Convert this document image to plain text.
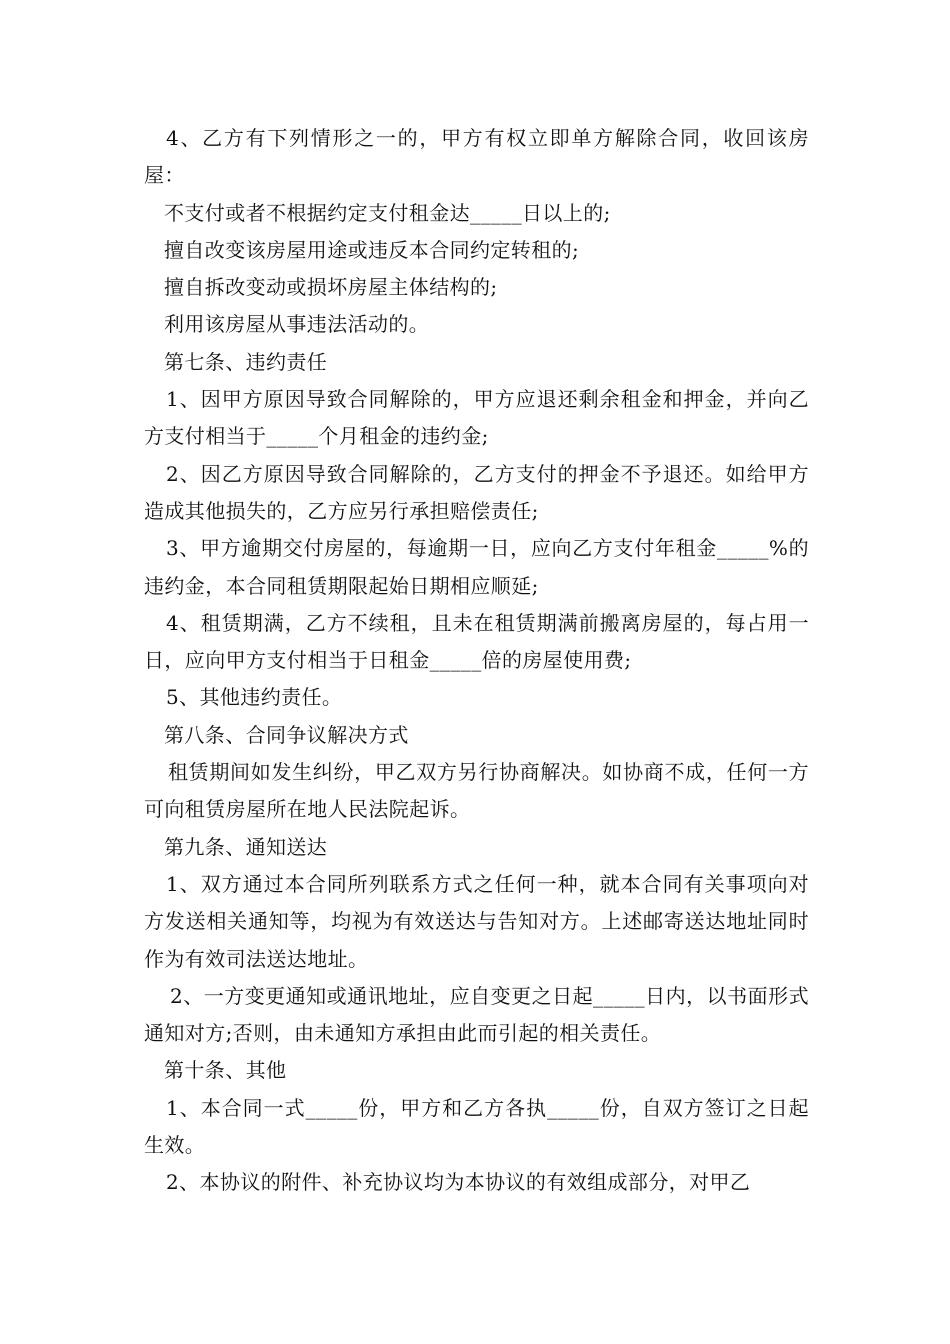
4、乙方有下列情形之一的，甲方有权立即单方解除合同，收回该房屋：

不支付或者不根据约定支付租金达_____日以上的;

擅自改变该房屋用途或违反本合同约定转租的;

擅自拆改变动或损坏房屋主体结构的;

利用该房屋从事违法活动的。

第七条、违约责任

1、因甲方原因导致合同解除的，甲方应退还剩余租金和押金，并向乙方支付相当于_____个月租金的违约金;

2、因乙方原因导致合同解除的，乙方支付的押金不予退还。如给甲方造成其他损失的，乙方应另行承担赔偿责任;

3、甲方逾期交付房屋的，每逾期一日，应向乙方支付年租金_____%的违约金，本合同租赁期限起始日期相应顺延;

4、租赁期满，乙方不续租，且未在租赁期满前搬离房屋的，每占用一日，应向甲方支付相当于日租金_____倍的房屋使用费;

5、其他违约责任。

第八条、合同争议解决方式

租赁期间如发生纠纷，甲乙双方另行协商解决。如协商不成，任何一方可向租赁房屋所在地人民法院起诉。

第九条、通知送达

1、双方通过本合同所列联系方式之任何一种，就本合同有关事项向对方发送相关通知等，均视为有效送达与告知对方。上述邮寄送达地址同时作为有效司法送达地址。

2、一方变更通知或通讯地址，应自变更之日起_____日内，以书面形式通知对方;否则，由未通知方承担由此而引起的相关责任。

第十条、其他

1、本合同一式_____份，甲方和乙方各执_____份，自双方签订之日起生效。

2、本协议的附件、补充协议均为本协议的有效组成部分，对甲乙
